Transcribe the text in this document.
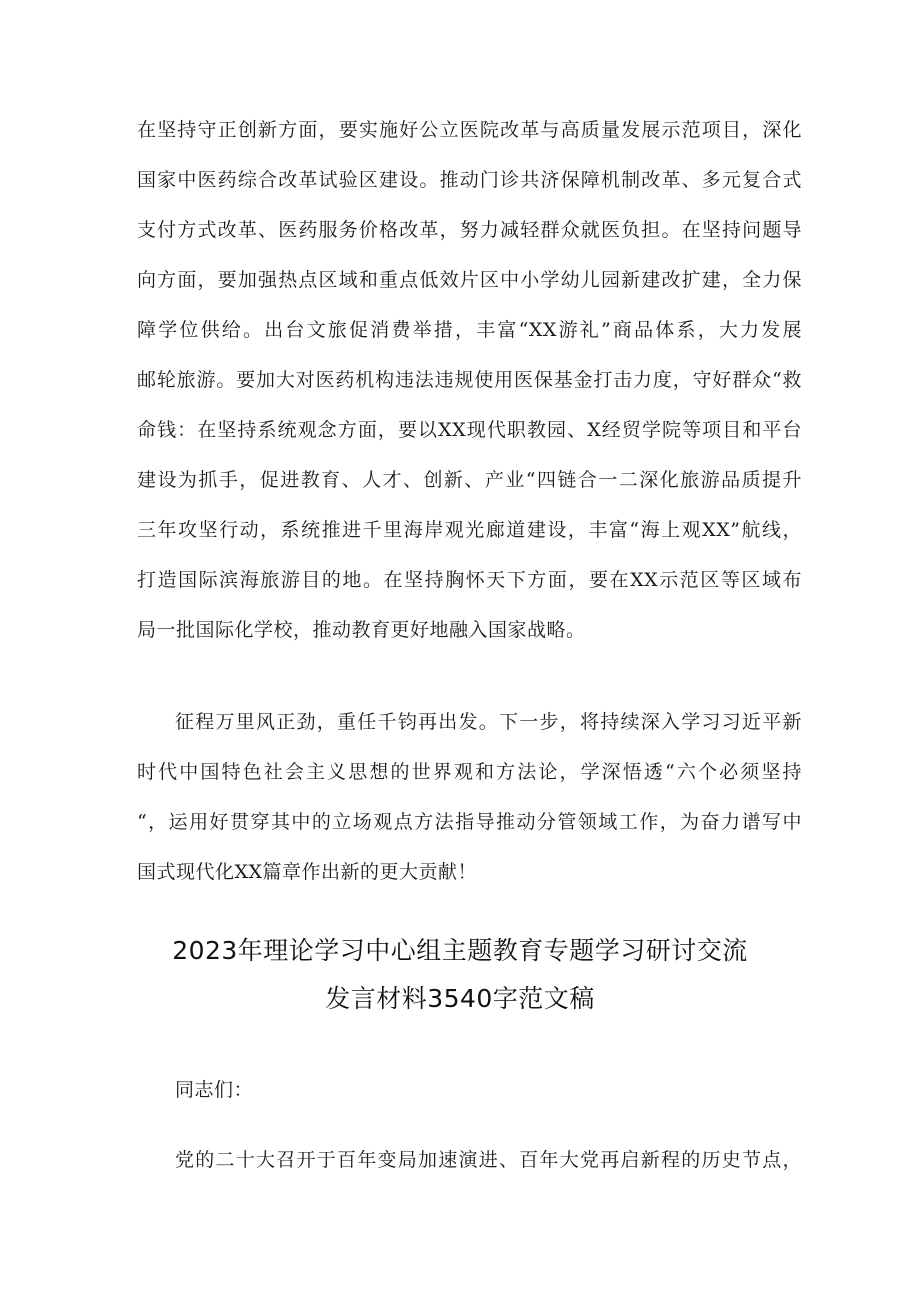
在坚持守正创新方面，要实施好公立医院改革与高质量发展示范项目，深化
国家中医药综合改革试验区建设。推动门诊共济保障机制改革、多元复合式
支付方式改革、医药服务价格改革，努力减轻群众就医负担。在坚持问题导
向方面，要加强热点区域和重点低效片区中小学幼儿园新建改扩建，全力保
障学位供给。出台文旅促消费举措，丰富“XX游礼”商品体系，大力发展
邮轮旅游。要加大对医药机构违法违规使用医保基金打击力度，守好群众“救
命钱：在坚持系统观念方面，要以XX现代职教园、X经贸学院等项目和平台
建设为抓手，促进教育、人才、创新、产业“四链合一二深化旅游品质提升
三年攻坚行动，系统推进千里海岸观光廊道建设，丰富“海上观XX”航线，
打造国际滨海旅游目的地。在坚持胸怀天下方面，要在XX示范区等区域布
局一批国际化学校，推动教育更好地融入国家战略。
征程万里风正劲，重任千钧再出发。下一步，将持续深入学习习近平新
时代中国特色社会主义思想的世界观和方法论，学深悟透“六个必须坚持
“，运用好贯穿其中的立场观点方法指导推动分管领域工作，为奋力谱写中
国式现代化XX篇章作出新的更大贡献！
2023年理论学习中心组主题教育专题学习研讨交流
发言材料3540字范文稿
同志们：
党的二十大召开于百年变局加速演进、百年大党再启新程的历史节点，
